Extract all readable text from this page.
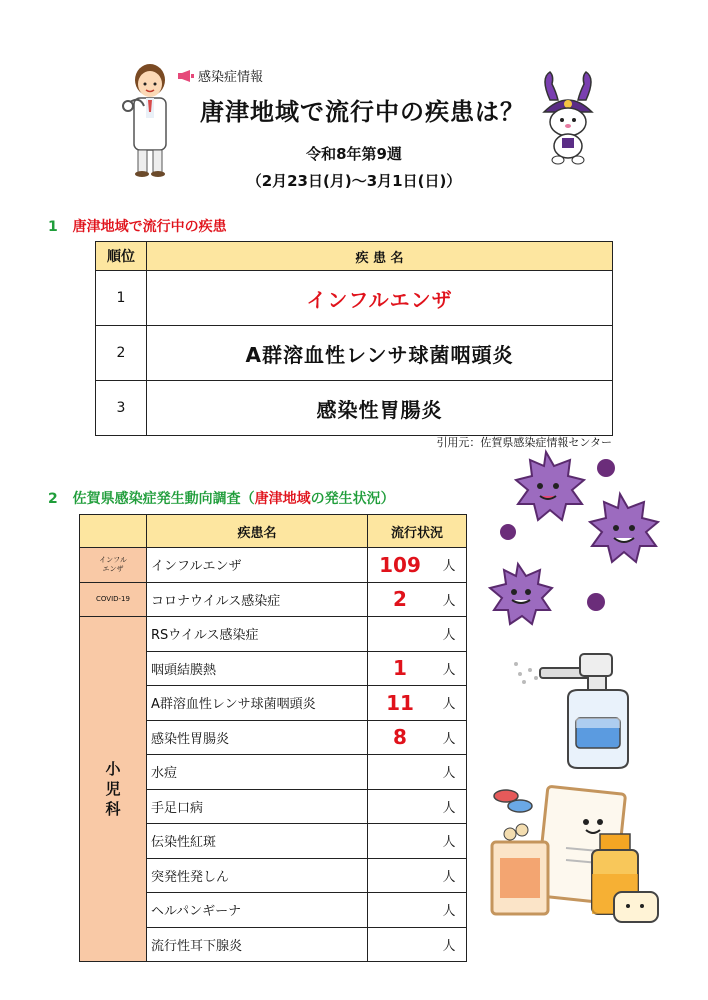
感染症情報
唐津地域で流行中の疾患は？
令和8年第9週
（2月23日(月)〜3月1日(日)）
1 唐津地域で流行中の疾患
順位	疾 患 名
1	インフルエンザ
2	A群溶血性レンサ球菌咽頭炎
3	感染性胃腸炎
引用元：佐賀県感染症情報センター
2 佐賀県感染症発生動向調査（唐津地域の発生状況）
	疾患名	流行状況	
インフル
エンザ	インフルエンザ	109	人
COVID-19	コロナウイルス感染症	2	人
小
児
科	RSウイルス感染症		人
	咽頭結膜熱	1	人
	A群溶血性レンサ球菌咽頭炎	11	人
	感染性胃腸炎	8	人
	水痘		人
	手足口病		人
	伝染性紅斑		人
	突発性発しん		人
	ヘルパンギーナ		人
	流行性耳下腺炎		人
